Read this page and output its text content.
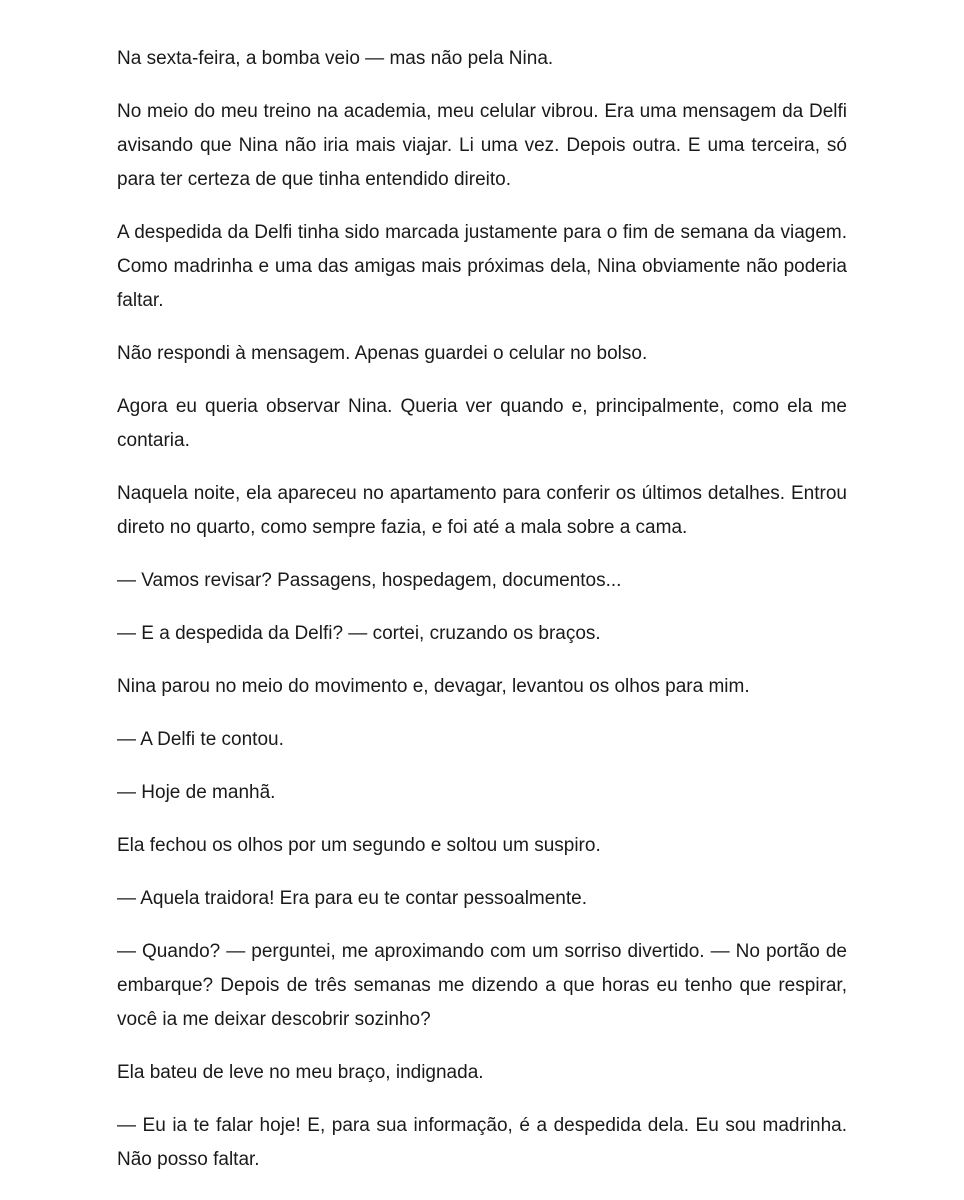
Na sexta-feira, a bomba veio — mas não pela Nina.

No meio do meu treino na academia, meu celular vibrou. Era uma mensagem da Delfi avisando que Nina não iria mais viajar. Li uma vez. Depois outra. E uma terceira, só para ter certeza de que tinha entendido direito.

A despedida da Delfi tinha sido marcada justamente para o fim de semana da viagem. Como madrinha e uma das amigas mais próximas dela, Nina obviamente não poderia faltar.

Não respondi à mensagem. Apenas guardei o celular no bolso.

Agora eu queria observar Nina. Queria ver quando e, principalmente, como ela me contaria.

Naquela noite, ela apareceu no apartamento para conferir os últimos detalhes. Entrou direto no quarto, como sempre fazia, e foi até a mala sobre a cama.

— Vamos revisar? Passagens, hospedagem, documentos...

— E a despedida da Delfi? — cortei, cruzando os braços.

Nina parou no meio do movimento e, devagar, levantou os olhos para mim.

— A Delfi te contou.

— Hoje de manhã.

Ela fechou os olhos por um segundo e soltou um suspiro.

— Aquela traidora! Era para eu te contar pessoalmente.

— Quando? — perguntei, me aproximando com um sorriso divertido. — No portão de embarque? Depois de três semanas me dizendo a que horas eu tenho que respirar, você ia me deixar descobrir sozinho?

Ela bateu de leve no meu braço, indignada.

— Eu ia te falar hoje! E, para sua informação, é a despedida dela. Eu sou madrinha. Não posso faltar.
